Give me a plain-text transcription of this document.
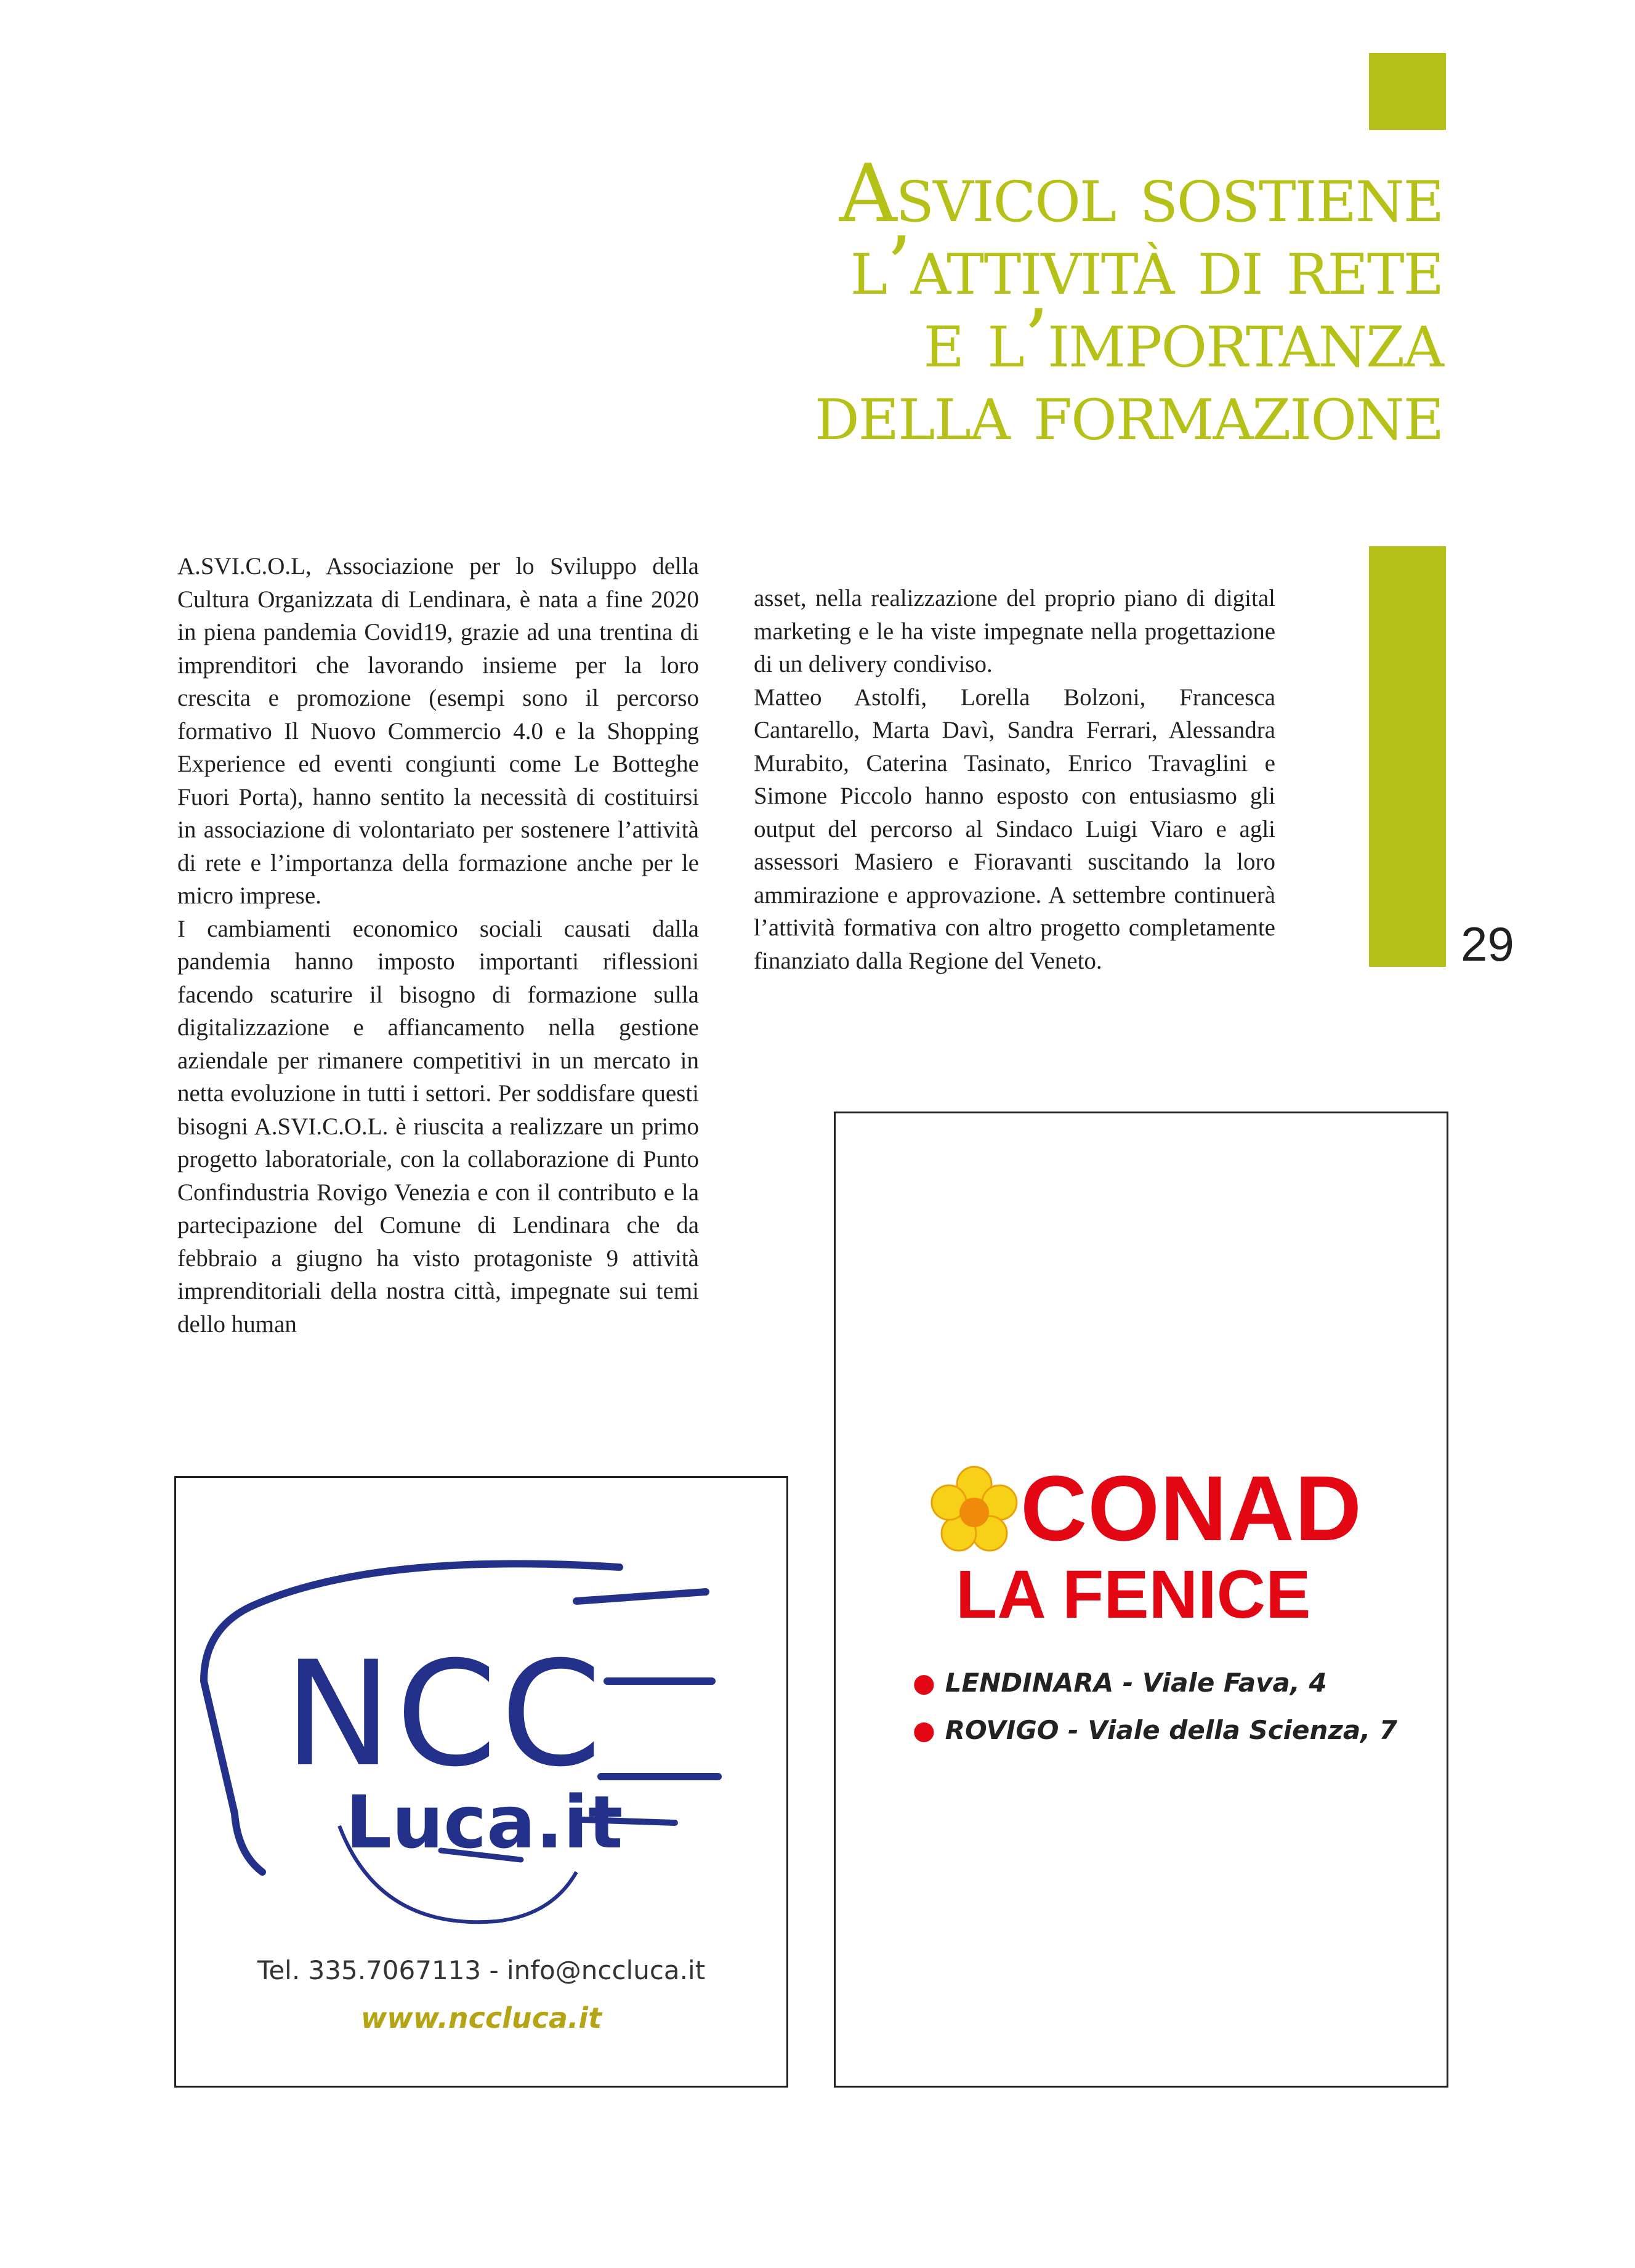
29
Asvicol sostiene
l’attività di rete
e l’importanza
della formazione

A.SVI.C.O.L, Associazione per lo Sviluppo della Cultura Organizzata di Lendinara, è nata a fine 2020 in piena pandemia Covid19, grazie ad una trentina di imprenditori che lavorando insieme per la loro crescita e promozione (esempi sono il percorso formativo Il Nuovo Commercio 4.0 e la Shopping Experience ed eventi congiunti come Le Botteghe Fuori Porta), hanno sentito la necessità di costituirsi in associazione di volontariato per sostenere l’attività di rete e l’importanza della formazione anche per le micro imprese.

I cambiamenti economico sociali causati dalla pandemia hanno imposto importanti riflessioni facendo scaturire il bisogno di formazione sulla digitalizzazione e affiancamento nella gestione aziendale per rimanere competitivi in un mercato in netta evoluzione in tutti i settori. Per soddisfare questi bisogni A.SVI.C.O.L. è riuscita a realizzare un primo progetto laboratoriale, con la collaborazione di Punto Confindustria Rovigo Venezia e con il contributo e la partecipazione del Comune di Lendinara che da febbraio a giugno ha visto protagoniste 9 attività imprenditoriali della nostra città, impegnate sui temi dello human

asset, nella realizzazione del proprio piano di digital marketing e le ha viste impegnate nella progettazione di un delivery condiviso.

Matteo Astolfi, Lorella Bolzoni, Francesca Cantarello, Marta Davì, Sandra Ferrari, Alessandra Murabito, Caterina Tasinato, Enrico Travaglini e Simone Piccolo hanno esposto con entusiasmo gli output del percorso al Sindaco Luigi Viaro e agli assessori Masiero e Fioravanti suscitando la loro ammirazione e approvazione. A settembre continuerà l’attività formativa con altro progetto completamente finanziato dalla Regione del Veneto.

NCC
Luca.it
Tel. 335.7067113 - info@nccluca.it
www.nccluca.it
CONAD
LA FENICE
● LENDINARA - Viale Fava, 4
● ROVIGO - Viale della Scienza, 7
